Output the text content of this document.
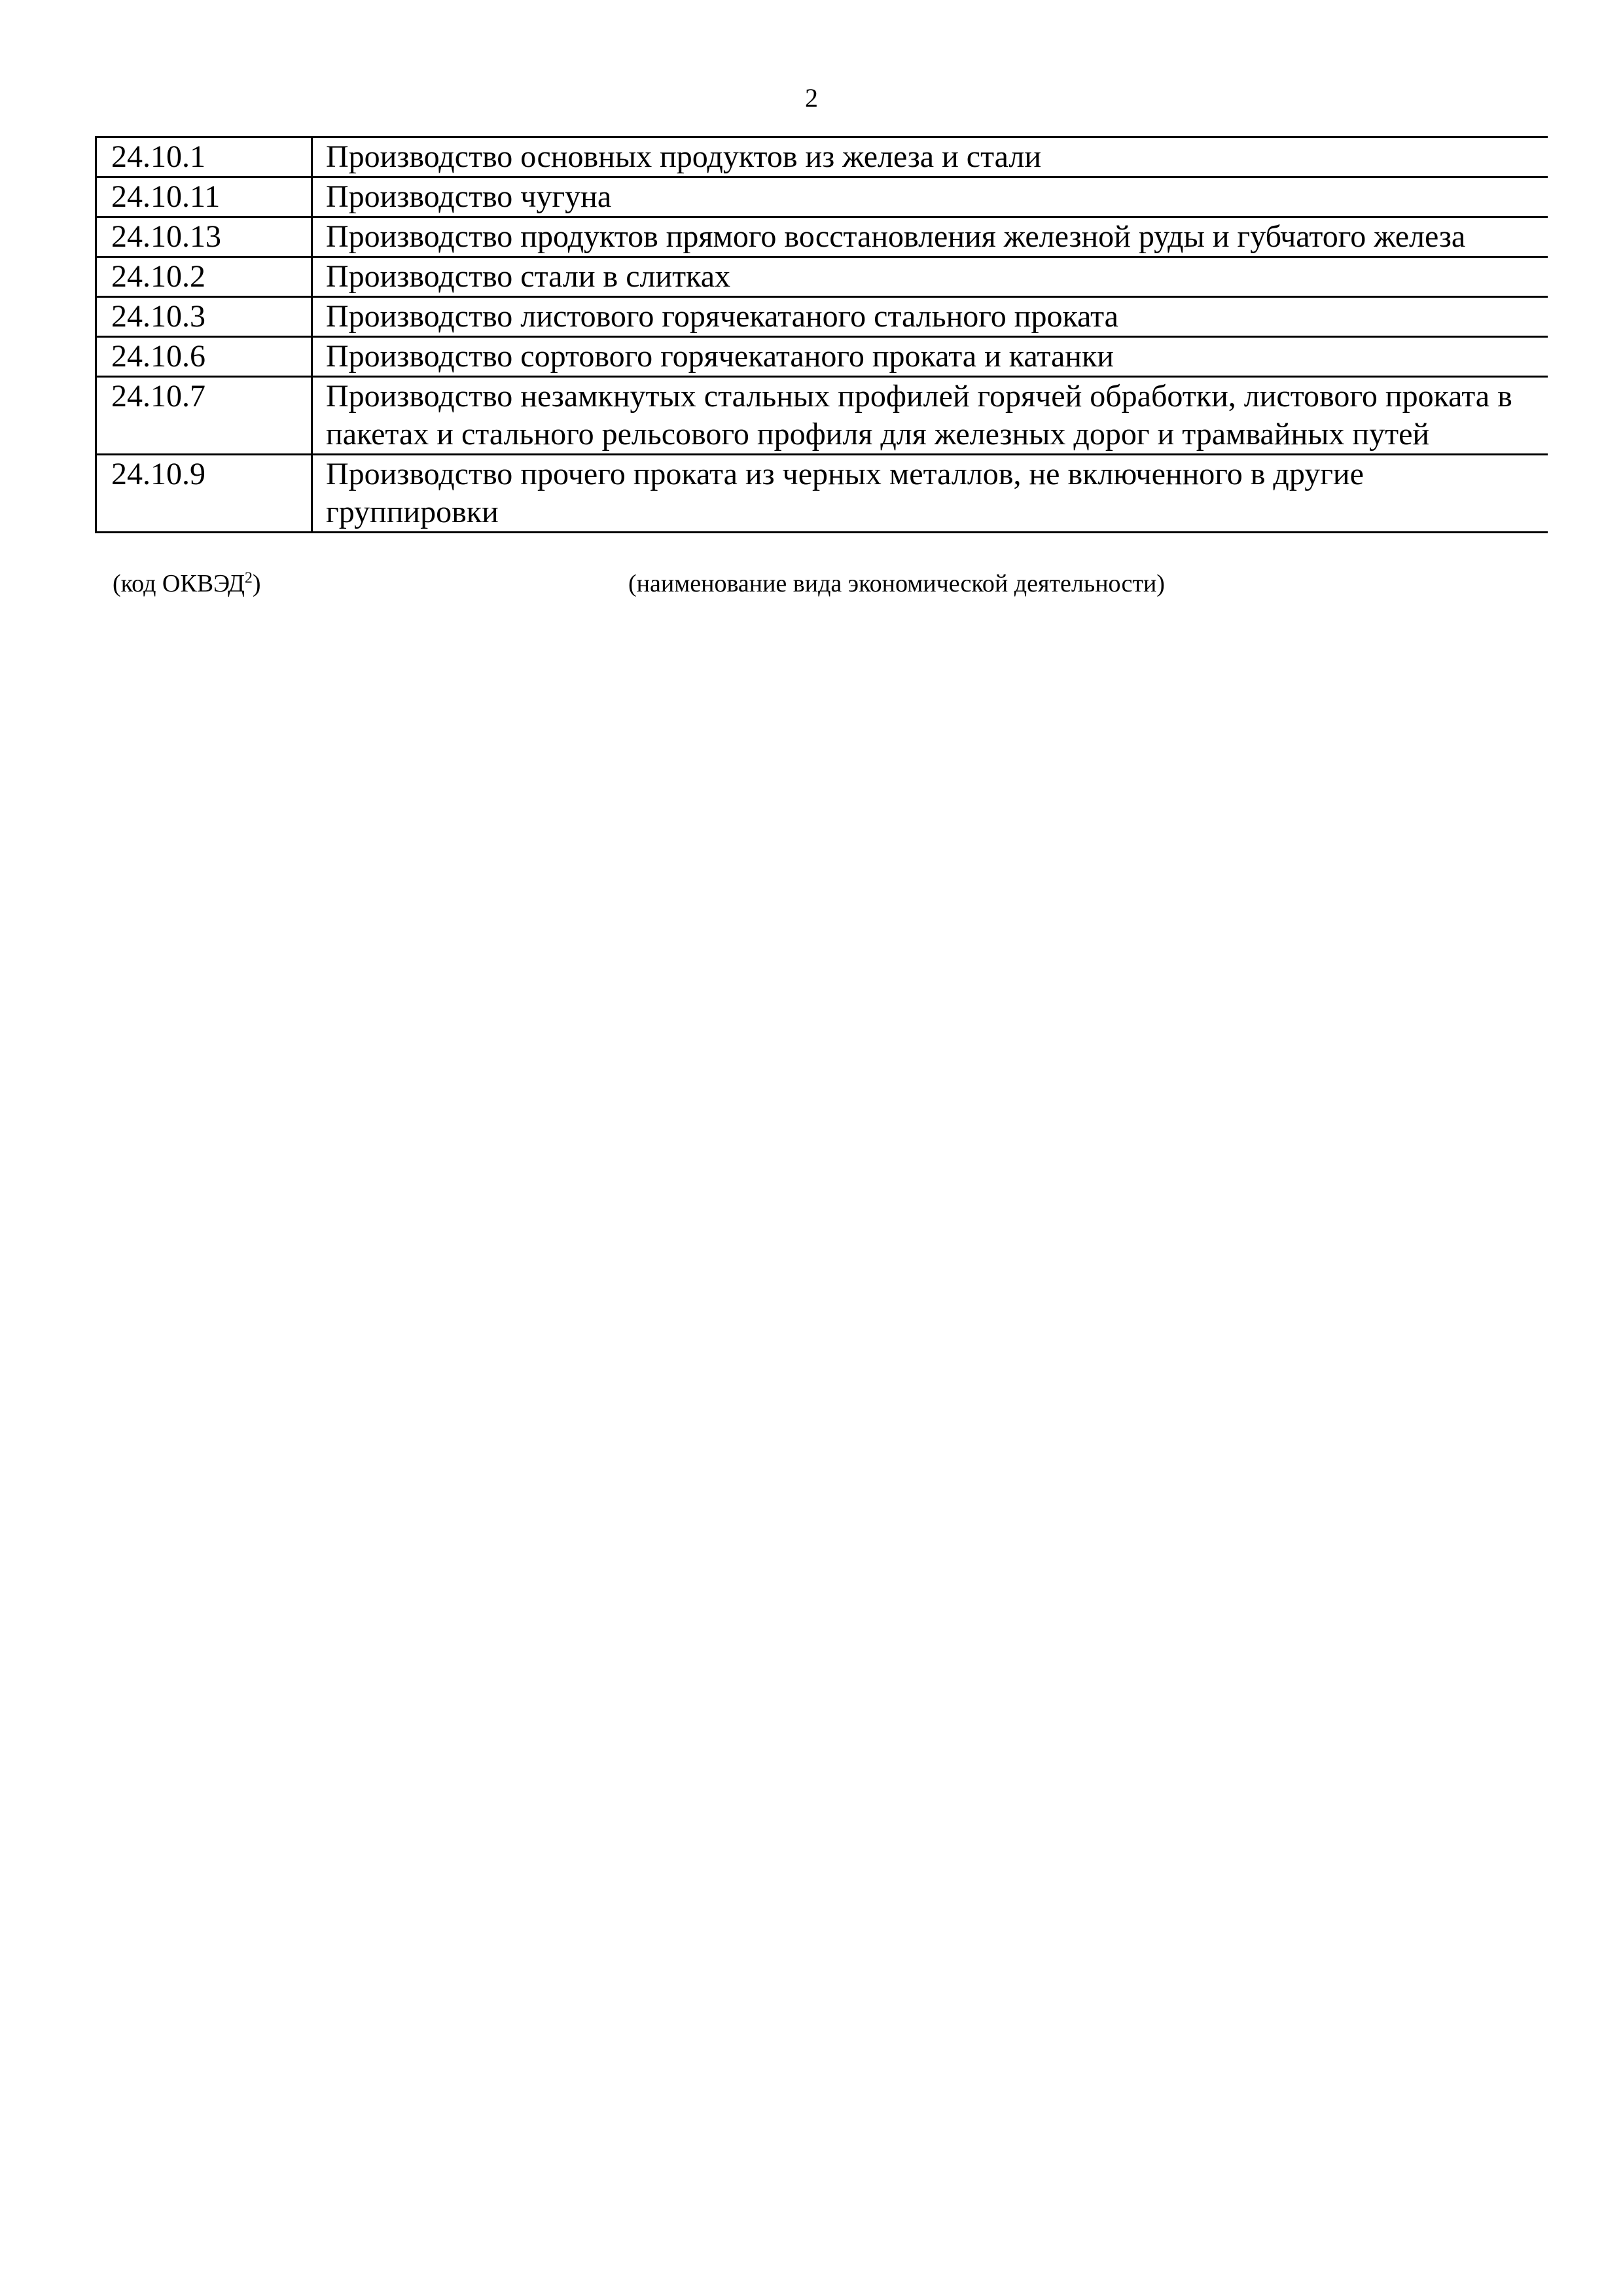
2
24.10.1	Производство основных продуктов из железа и стали
24.10.11	Производство чугуна
24.10.13	Производство продуктов прямого восстановления железной руды и губчатого железа
24.10.2	Производство стали в слитках
24.10.3	Производство листового горячекатаного стального проката
24.10.6	Производство сортового горячекатаного проката и катанки
24.10.7	Производство незамкнутых стальных профилей горячей обработки, листового проката в пакетах и стального рельсового профиля для железных дорог и трамвайных путей
24.10.9	Производство прочего проката из черных металлов, не включенного в другие группировки
(код ОКВЭД$^2$)	(наименование вида экономической деятельности)
